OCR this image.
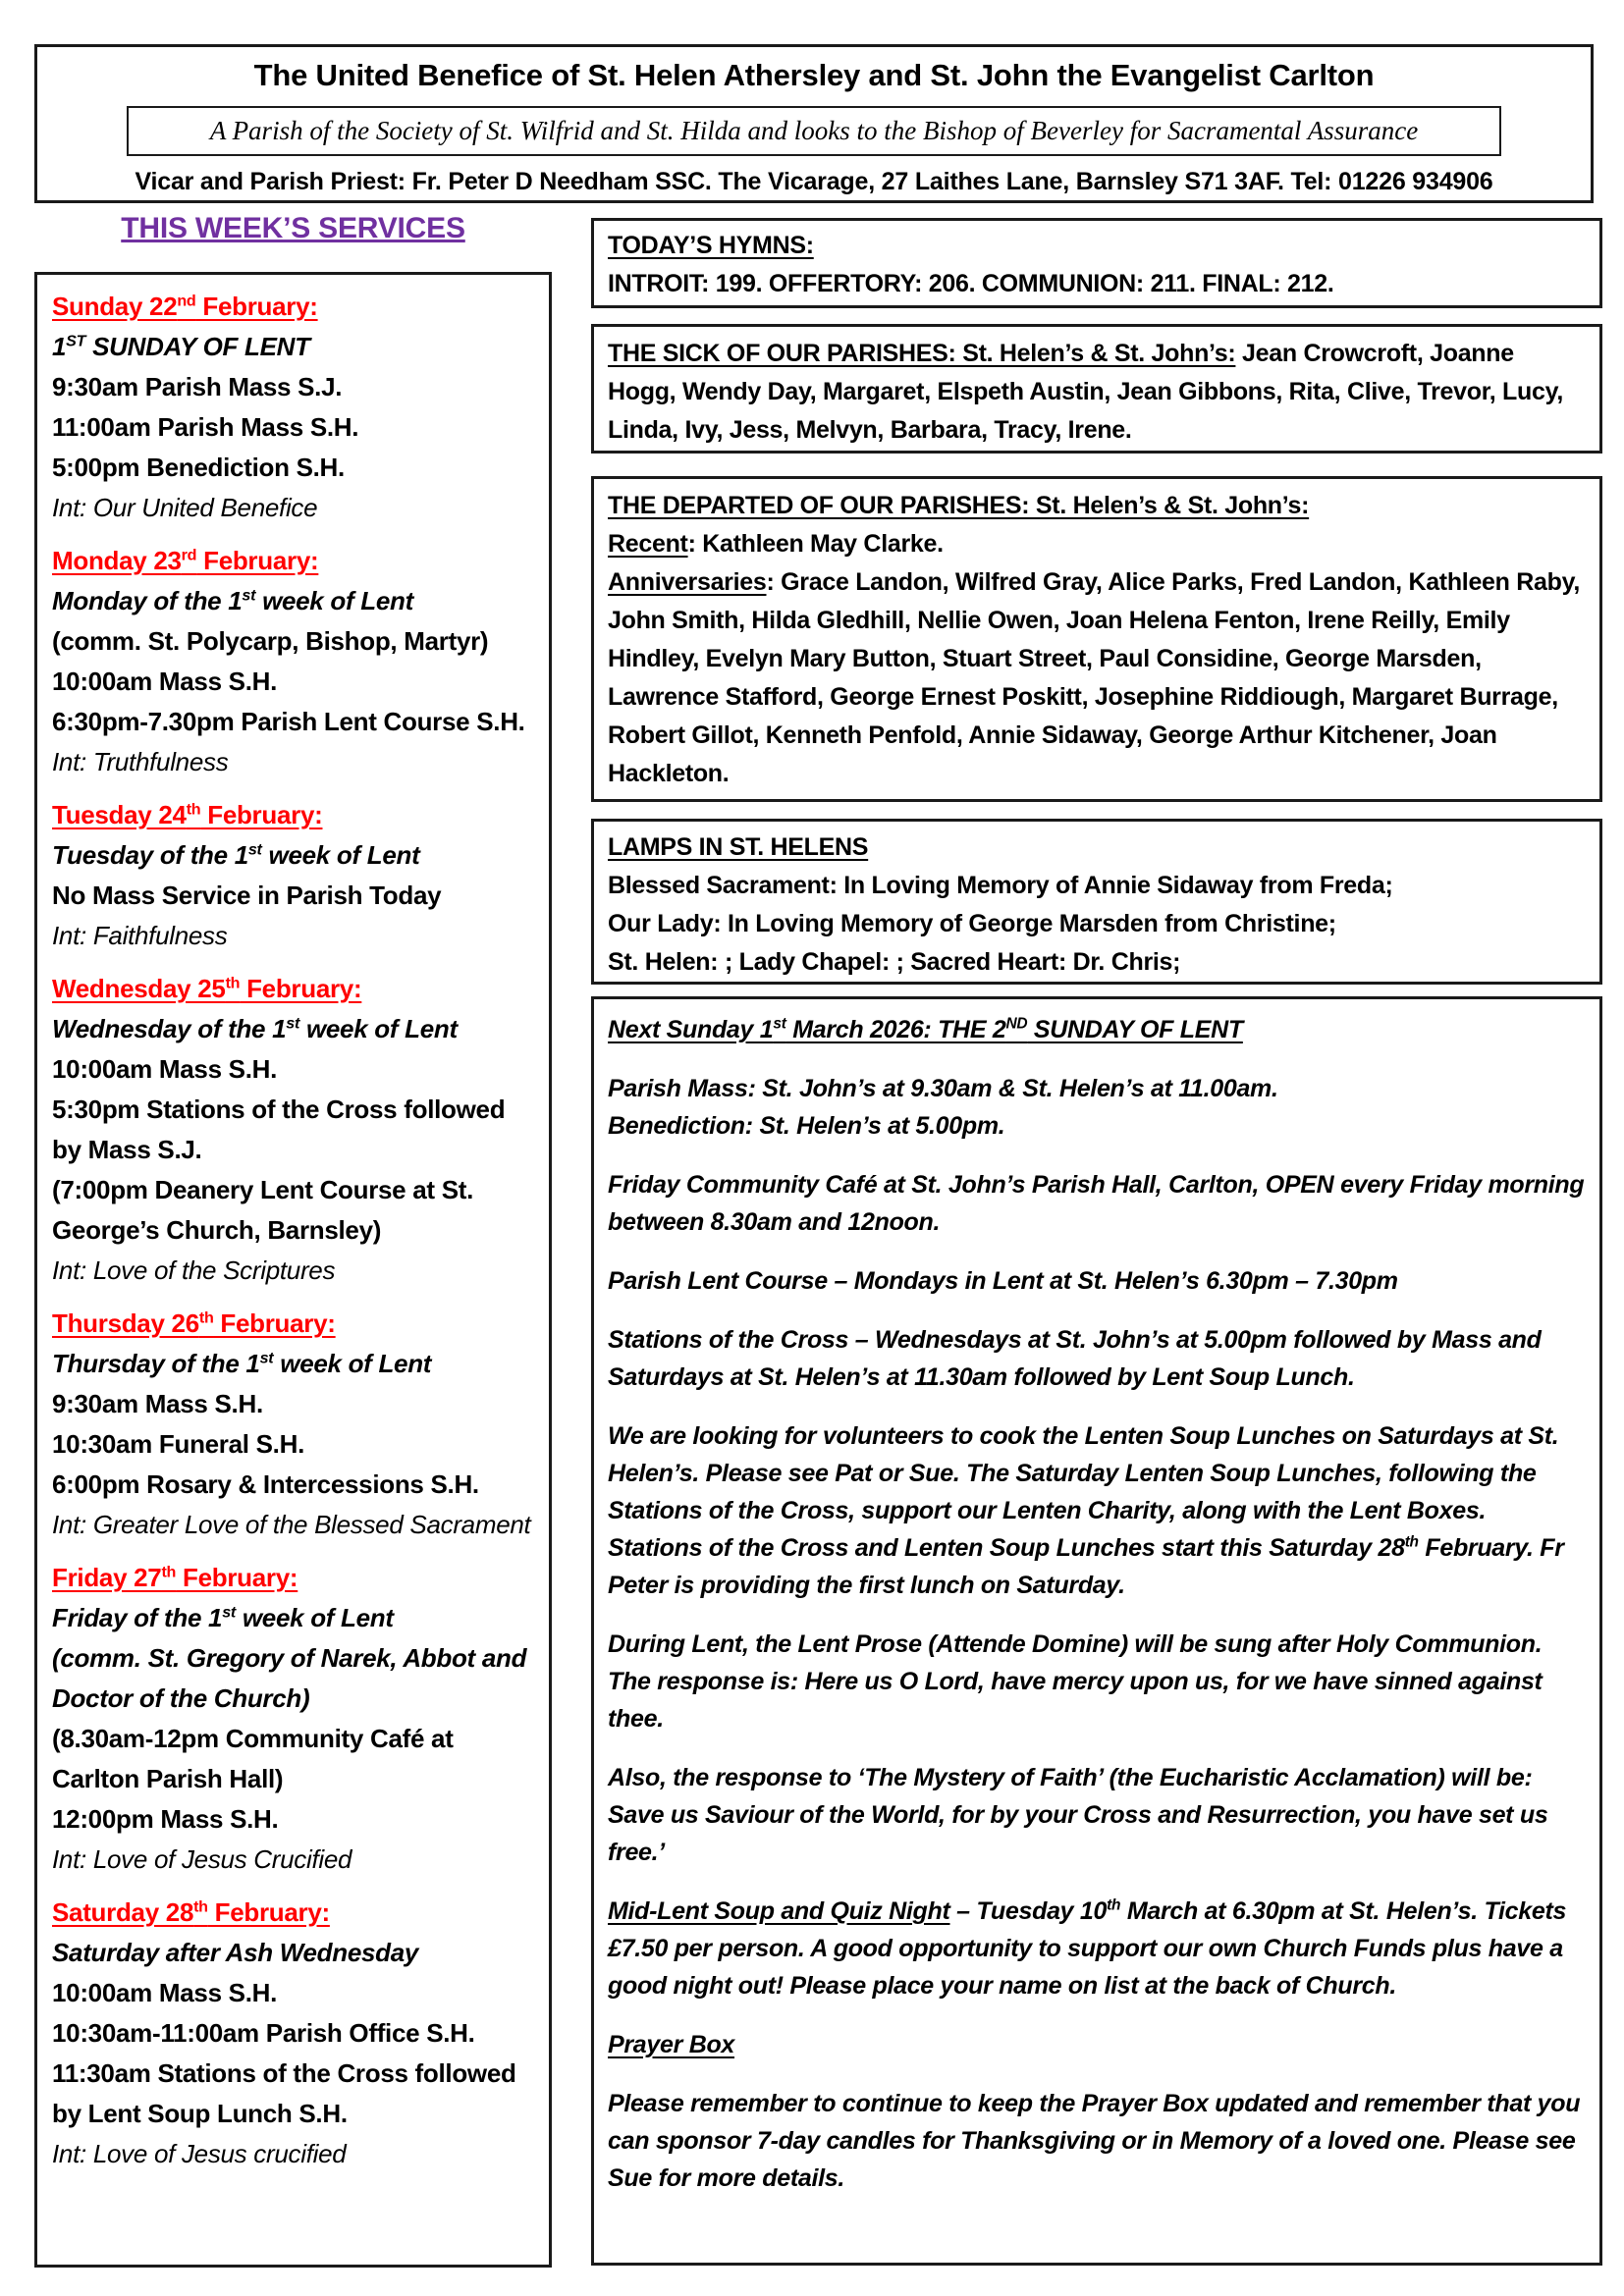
The United Benefice of St. Helen Athersley and St. John the Evangelist Carlton
A Parish of the Society of St. Wilfrid and St. Hilda and looks to the Bishop of Beverley for Sacramental Assurance
Vicar and Parish Priest: Fr. Peter D Needham SSC. The Vicarage, 27 Laithes Lane, Barnsley S71 3AF. Tel: 01226 934906
THIS WEEK’S SERVICES
Sunday 22nd February:
1ST SUNDAY OF LENT
9:30am Parish Mass S.J.
11:00am Parish Mass S.H.
5:00pm Benediction S.H.
Int: Our United Benefice
Monday 23rd February:
Monday of the 1st week of Lent
(comm. St. Polycarp, Bishop, Martyr)
10:00am Mass S.H.
6:30pm-7.30pm Parish Lent Course S.H.
Int: Truthfulness
Tuesday 24th February:
Tuesday of the 1st week of Lent
No Mass Service in Parish Today
Int: Faithfulness
Wednesday 25th February:
Wednesday of the 1st week of Lent
10:00am Mass S.H.
5:30pm Stations of the Cross followed by Mass S.J.
(7:00pm Deanery Lent Course at St. George’s Church, Barnsley)
Int: Love of the Scriptures
Thursday 26th February:
Thursday of the 1st week of Lent
9:30am Mass S.H.
10:30am Funeral S.H.
6:00pm Rosary & Intercessions S.H.
Int: Greater Love of the Blessed Sacrament
Friday 27th February:
Friday of the 1st week of Lent
(comm. St. Gregory of Narek, Abbot and Doctor of the Church)
(8.30am-12pm Community Café at Carlton Parish Hall)
12:00pm Mass S.H.
Int: Love of Jesus Crucified
Saturday 28th February:
Saturday after Ash Wednesday
10:00am Mass S.H.
10:30am-11:00am Parish Office S.H.
11:30am Stations of the Cross followed by Lent Soup Lunch S.H.
Int: Love of Jesus crucified
TODAY’S HYMNS:
INTROIT: 199. OFFERTORY: 206. COMMUNION: 211. FINAL: 212.
THE SICK OF OUR PARISHES: St. Helen’s & St. John’s: Jean Crowcroft, Joanne Hogg, Wendy Day, Margaret, Elspeth Austin, Jean Gibbons, Rita, Clive, Trevor, Lucy, Linda, Ivy, Jess, Melvyn, Barbara, Tracy, Irene.
THE DEPARTED OF OUR PARISHES: St. Helen’s & St. John’s:
Recent: Kathleen May Clarke.
Anniversaries: Grace Landon, Wilfred Gray, Alice Parks, Fred Landon, Kathleen Raby, John Smith, Hilda Gledhill, Nellie Owen, Joan Helena Fenton, Irene Reilly, Emily Hindley, Evelyn Mary Button, Stuart Street, Paul Considine, George Marsden, Lawrence Stafford, George Ernest Poskitt, Josephine Riddiough, Margaret Burrage, Robert Gillot, Kenneth Penfold, Annie Sidaway, George Arthur Kitchener, Joan Hackleton.
LAMPS IN ST. HELENS
Blessed Sacrament: In Loving Memory of Annie Sidaway from Freda;
Our Lady: In Loving Memory of George Marsden from Christine;
St. Helen: ; Lady Chapel: ; Sacred Heart: Dr. Chris;

Next Sunday 1st March 2026: THE 2ND SUNDAY OF LENT

Parish Mass: St. John’s at 9.30am & St. Helen’s at 11.00am.
Benediction: St. Helen’s at 5.00pm.

Friday Community Café at St. John’s Parish Hall, Carlton, OPEN every Friday morning between 8.30am and 12noon.

Parish Lent Course – Mondays in Lent at St. Helen’s 6.30pm – 7.30pm

Stations of the Cross – Wednesdays at St. John’s at 5.00pm followed by Mass and Saturdays at St. Helen’s at 11.30am followed by Lent Soup Lunch.

We are looking for volunteers to cook the Lenten Soup Lunches on Saturdays at St. Helen’s. Please see Pat or Sue. The Saturday Lenten Soup Lunches, following the Stations of the Cross, support our Lenten Charity, along with the Lent Boxes. Stations of the Cross and Lenten Soup Lunches start this Saturday 28th February. Fr Peter is providing the first lunch on Saturday.

During Lent, the Lent Prose (Attende Domine) will be sung after Holy Communion. The response is: Here us O Lord, have mercy upon us, for we have sinned against thee.

Also, the response to ‘The Mystery of Faith’ (the Eucharistic Acclamation) will be: Save us Saviour of the World, for by your Cross and Resurrection, you have set us free.’

Mid-Lent Soup and Quiz Night – Tuesday 10th March at 6.30pm at St. Helen’s. Tickets £7.50 per person. A good opportunity to support our own Church Funds plus have a good night out! Please place your name on list at the back of Church.

Prayer Box

Please remember to continue to keep the Prayer Box updated and remember that you can sponsor 7-day candles for Thanksgiving or in Memory of a loved one. Please see Sue for more details.
